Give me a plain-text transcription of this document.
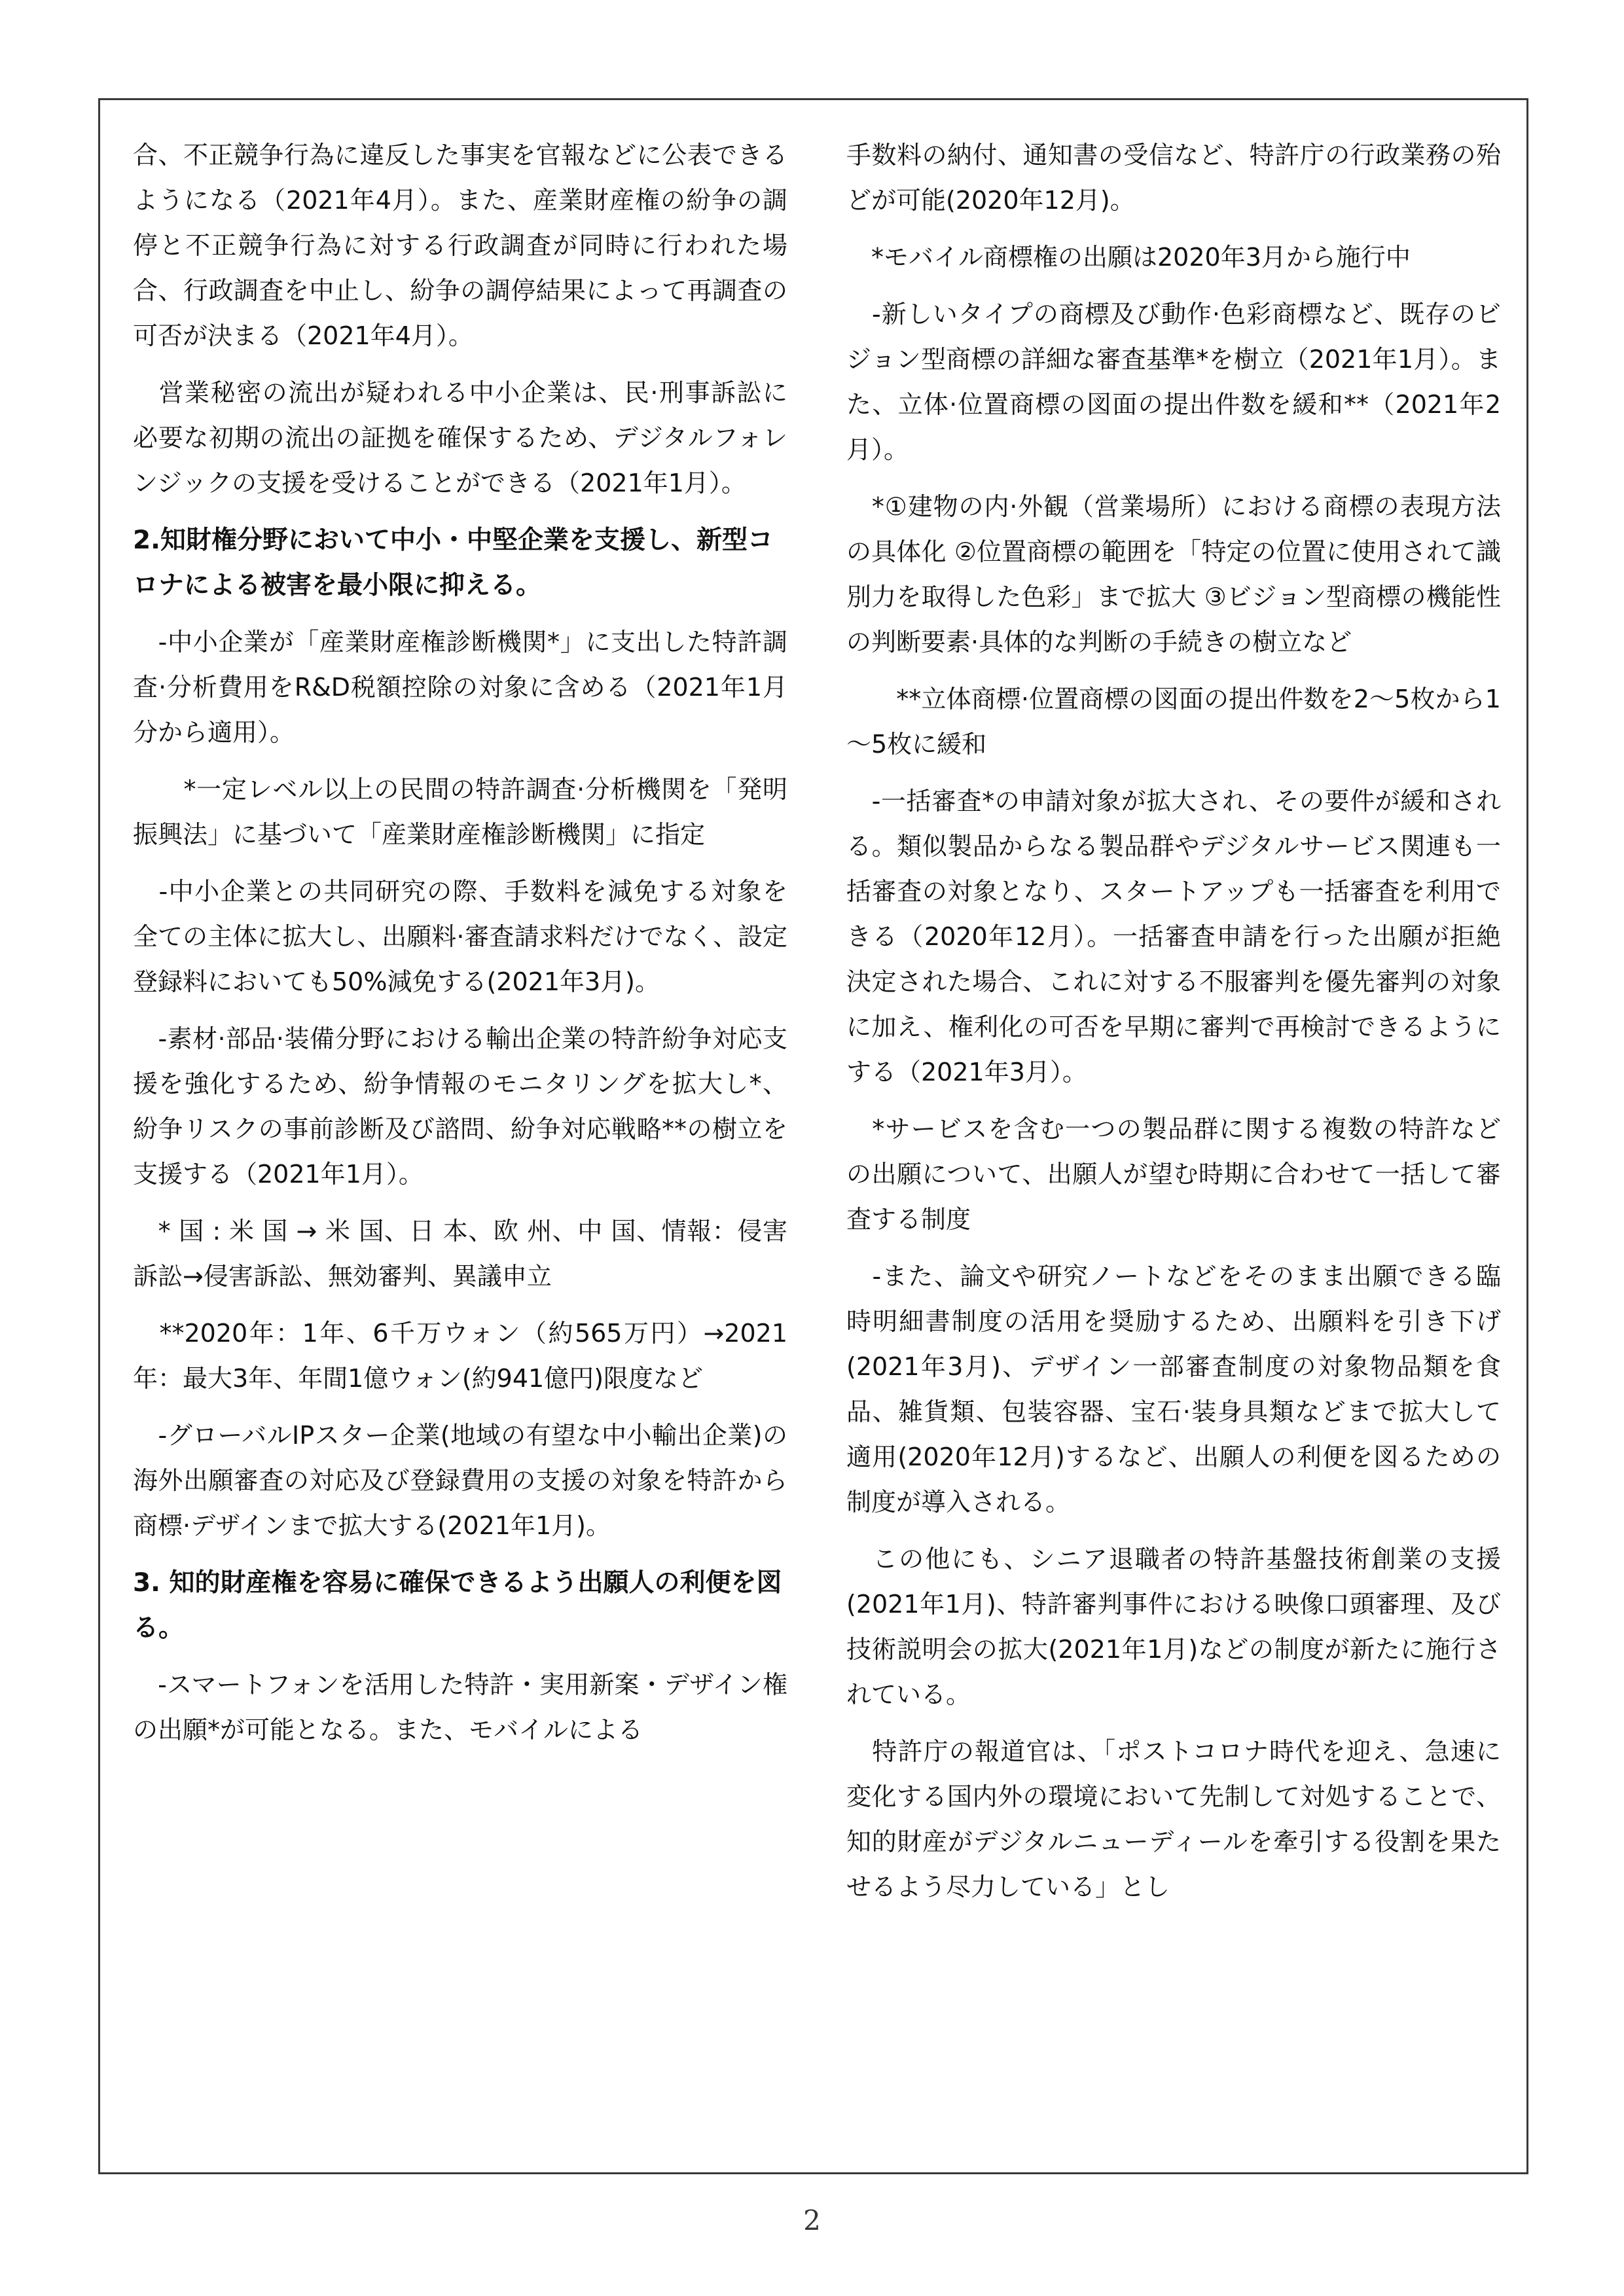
合、不正競争行為に違反した事実を官報などに公表できるようになる（2021年4月）。また、産業財産権の紛争の調停と不正競争行為に対する行政調査が同時に行われた場合、行政調査を中止し、紛争の調停結果によって再調査の可否が決まる（2021年4月）。

　営業秘密の流出が疑われる中小企業は、民·刑事訴訟に必要な初期の流出の証拠を確保するため、デジタルフォレンジックの支援を受けることができる（2021年1月）。

2.知財権分野において中小・中堅企業を支援し、新型コロナによる被害を最小限に抑える。

　-中小企業が「産業財産権診断機関*」に支出した特許調査·分析費用をR&D税額控除の対象に含める（2021年1月分から適用）。

　　*一定レベル以上の民間の特許調査·分析機関を「発明振興法」に基づいて「産業財産権診断機関」に指定

　-中小企業との共同研究の際、手数料を減免する対象を全ての主体に拡大し、出願料·審査請求料だけでなく、設定登録料においても50%減免する(2021年3月)。

　-素材·部品·装備分野における輸出企業の特許紛争対応支援を強化するため、紛争情報のモニタリングを拡大し*、紛争リスクの事前診断及び諮問、紛争対応戦略**の樹立を支援する（2021年1月）。

　* 国 : 米 国 → 米 国、日 本、欧 州、中 国、情報：侵害訴訟→侵害訴訟、無効審判、異議申立

　**2020年：1年、6千万ウォン（約565万円）→2021年：最大3年、年間1億ウォン(約941億円)限度など

　-グローバルIPスター企業(地域の有望な中小輸出企業)の海外出願審査の対応及び登録費用の支援の対象を特許から商標·デザインまで拡大する(2021年1月)。

3. 知的財産権を容易に確保できるよう出願人の利便を図る。

　-スマートフォンを活用した特許・実用新案・デザイン権の出願*が可能となる。また、モバイルによる

手数料の納付、通知書の受信など、特許庁の行政業務の殆どが可能(2020年12月)。

　*モバイル商標権の出願は2020年3月から施行中

　-新しいタイプの商標及び動作·色彩商標など、既存のビジョン型商標の詳細な審査基準*を樹立（2021年1月）。また、立体·位置商標の図面の提出件数を緩和**（2021年2月）。

　*①建物の内·外観（営業場所）における商標の表現方法の具体化 ②位置商標の範囲を「特定の位置に使用されて識別力を取得した色彩」まで拡大 ③ビジョン型商標の機能性の判断要素·具体的な判断の手続きの樹立など

　　**立体商標·位置商標の図面の提出件数を2～5枚から1～5枚に緩和

　-一括審査*の申請対象が拡大され、その要件が緩和される。類似製品からなる製品群やデジタルサービス関連も一括審査の対象となり、スタートアップも一括審査を利用できる（2020年12月）。一括審査申請を行った出願が拒絶決定された場合、これに対する不服審判を優先審判の対象に加え、権利化の可否を早期に審判で再検討できるようにする（2021年3月）。

　*サービスを含む一つの製品群に関する複数の特許などの出願について、出願人が望む時期に合わせて一括して審査する制度

　-また、論文や研究ノートなどをそのまま出願できる臨時明細書制度の活用を奨励するため、出願料を引き下げ(2021年3月)、デザイン一部審査制度の対象物品類を食品、雑貨類、包装容器、宝石·装身具類などまで拡大して適用(2020年12月)するなど、出願人の利便を図るための制度が導入される。

　この他にも、シニア退職者の特許基盤技術創業の支援(2021年1月)、特許審判事件における映像口頭審理、及び技術説明会の拡大(2021年1月)などの制度が新たに施行されている。

　特許庁の報道官は、「ポストコロナ時代を迎え、急速に変化する国内外の環境において先制して対処することで、知的財産がデジタルニューディールを牽引する役割を果たせるよう尽力している」とし

2
